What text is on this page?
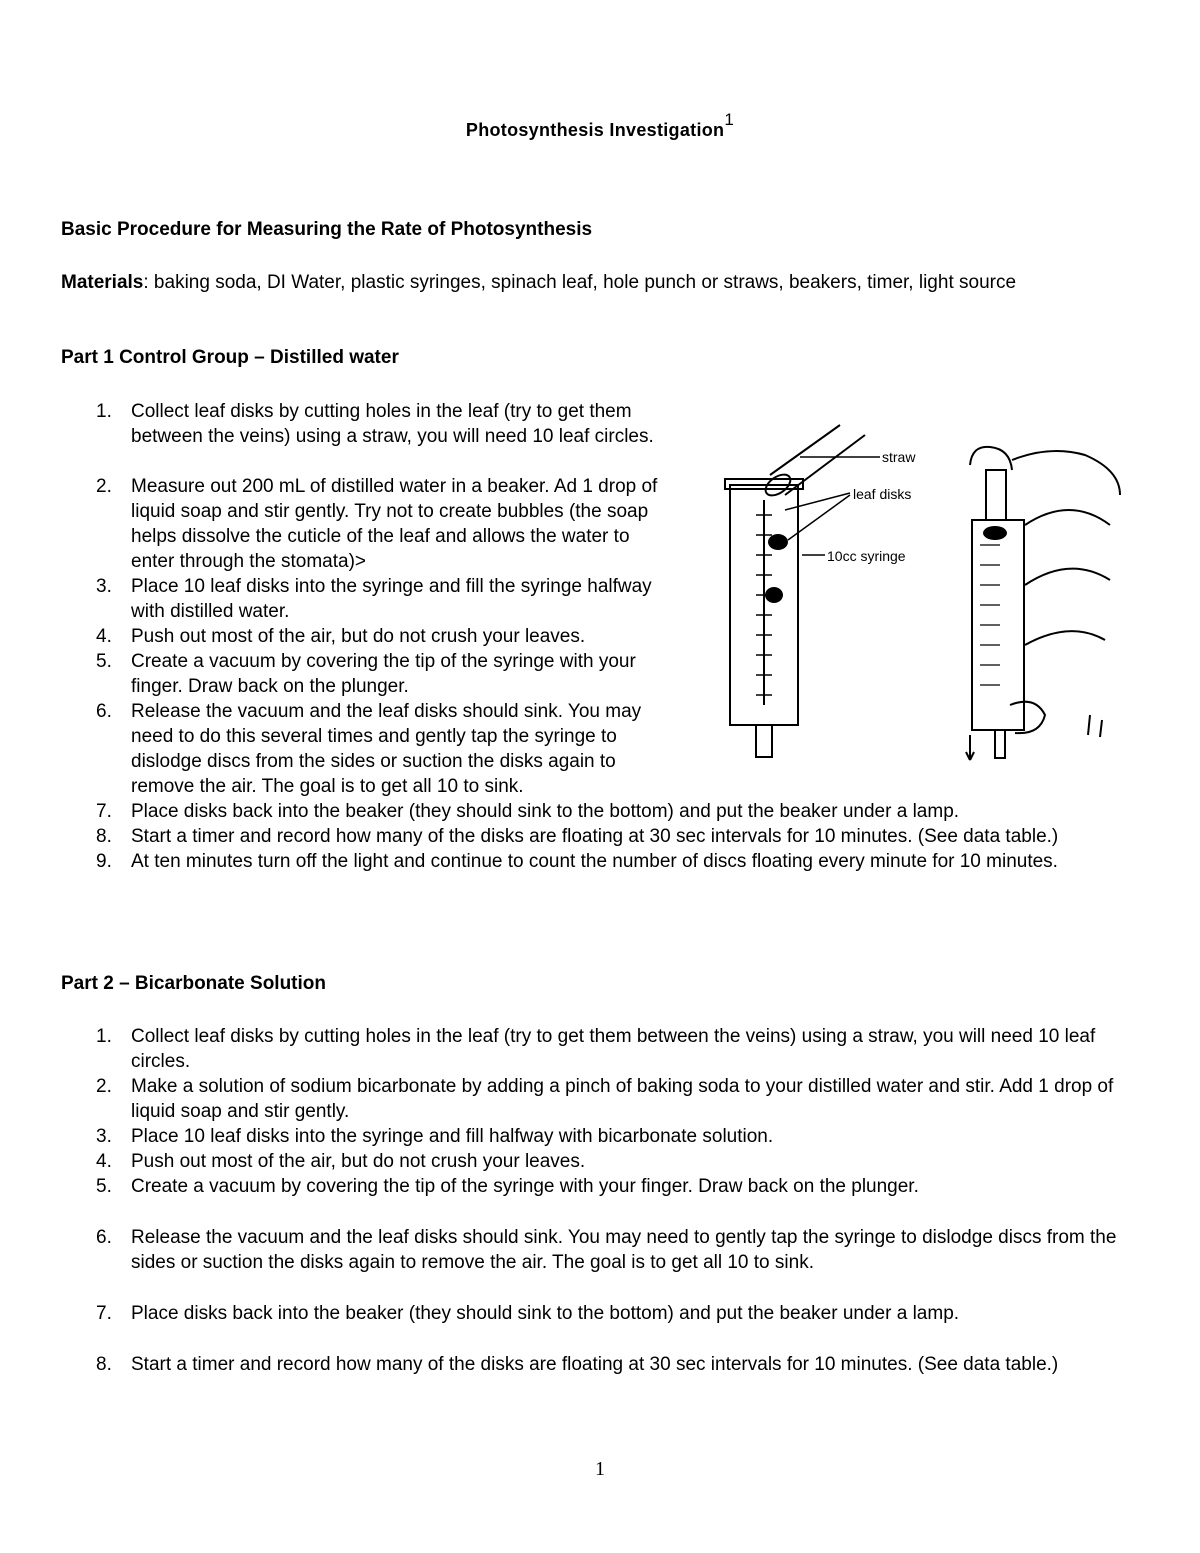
Photosynthesis Investigation$^1$
Basic Procedure for Measuring the Rate of Photosynthesis
Materials: baking soda, DI Water, plastic syringes, spinach leaf, hole punch or straws, beakers, timer, light source
Part 1 Control Group – Distilled water
1. Collect leaf disks by cutting holes in the leaf (try to get them between the veins) using a straw, you will need 10 leaf circles.
2. Measure out 200 mL of distilled water in a beaker. Ad 1 drop of liquid soap and stir gently. Try not to create bubbles (the soap helps dissolve the cuticle of the leaf and allows the water to enter through the stomata)>
3. Place 10 leaf disks into the syringe and fill the syringe halfway with distilled water.
4. Push out most of the air, but do not crush your leaves.
5. Create a vacuum by covering the tip of the syringe with your finger. Draw back on the plunger.
6. Release the vacuum and the leaf disks should sink. You may need to do this several times and gently tap the syringe to dislodge discs from the sides or suction the disks again to remove the air. The goal is to get all 10 to sink.
7. Place disks back into the beaker (they should sink to the bottom) and put the beaker under a lamp.
8. Start a timer and record how many of the disks are floating at 30 sec intervals for 10 minutes. (See data table.)
9. At ten minutes turn off the light and continue to count the number of discs floating every minute for 10 minutes.
straw
leaf disks
10cc syringe
Part 2 – Bicarbonate Solution
1. Collect leaf disks by cutting holes in the leaf (try to get them between the veins) using a straw, you will need 10 leaf circles.
2. Make a solution of sodium bicarbonate by adding a pinch of baking soda to your distilled water and stir. Add 1 drop of liquid soap and stir gently.
3. Place 10 leaf disks into the syringe and fill halfway with bicarbonate solution.
4. Push out most of the air, but do not crush your leaves.
5. Create a vacuum by covering the tip of the syringe with your finger. Draw back on the plunger.
6. Release the vacuum and the leaf disks should sink. You may need to gently tap the syringe to dislodge discs from the sides or suction the disks again to remove the air. The goal is to get all 10 to sink.
7. Place disks back into the beaker (they should sink to the bottom) and put the beaker under a lamp.
8. Start a timer and record how many of the disks are floating at 30 sec intervals for 10 minutes. (See data table.)
1
